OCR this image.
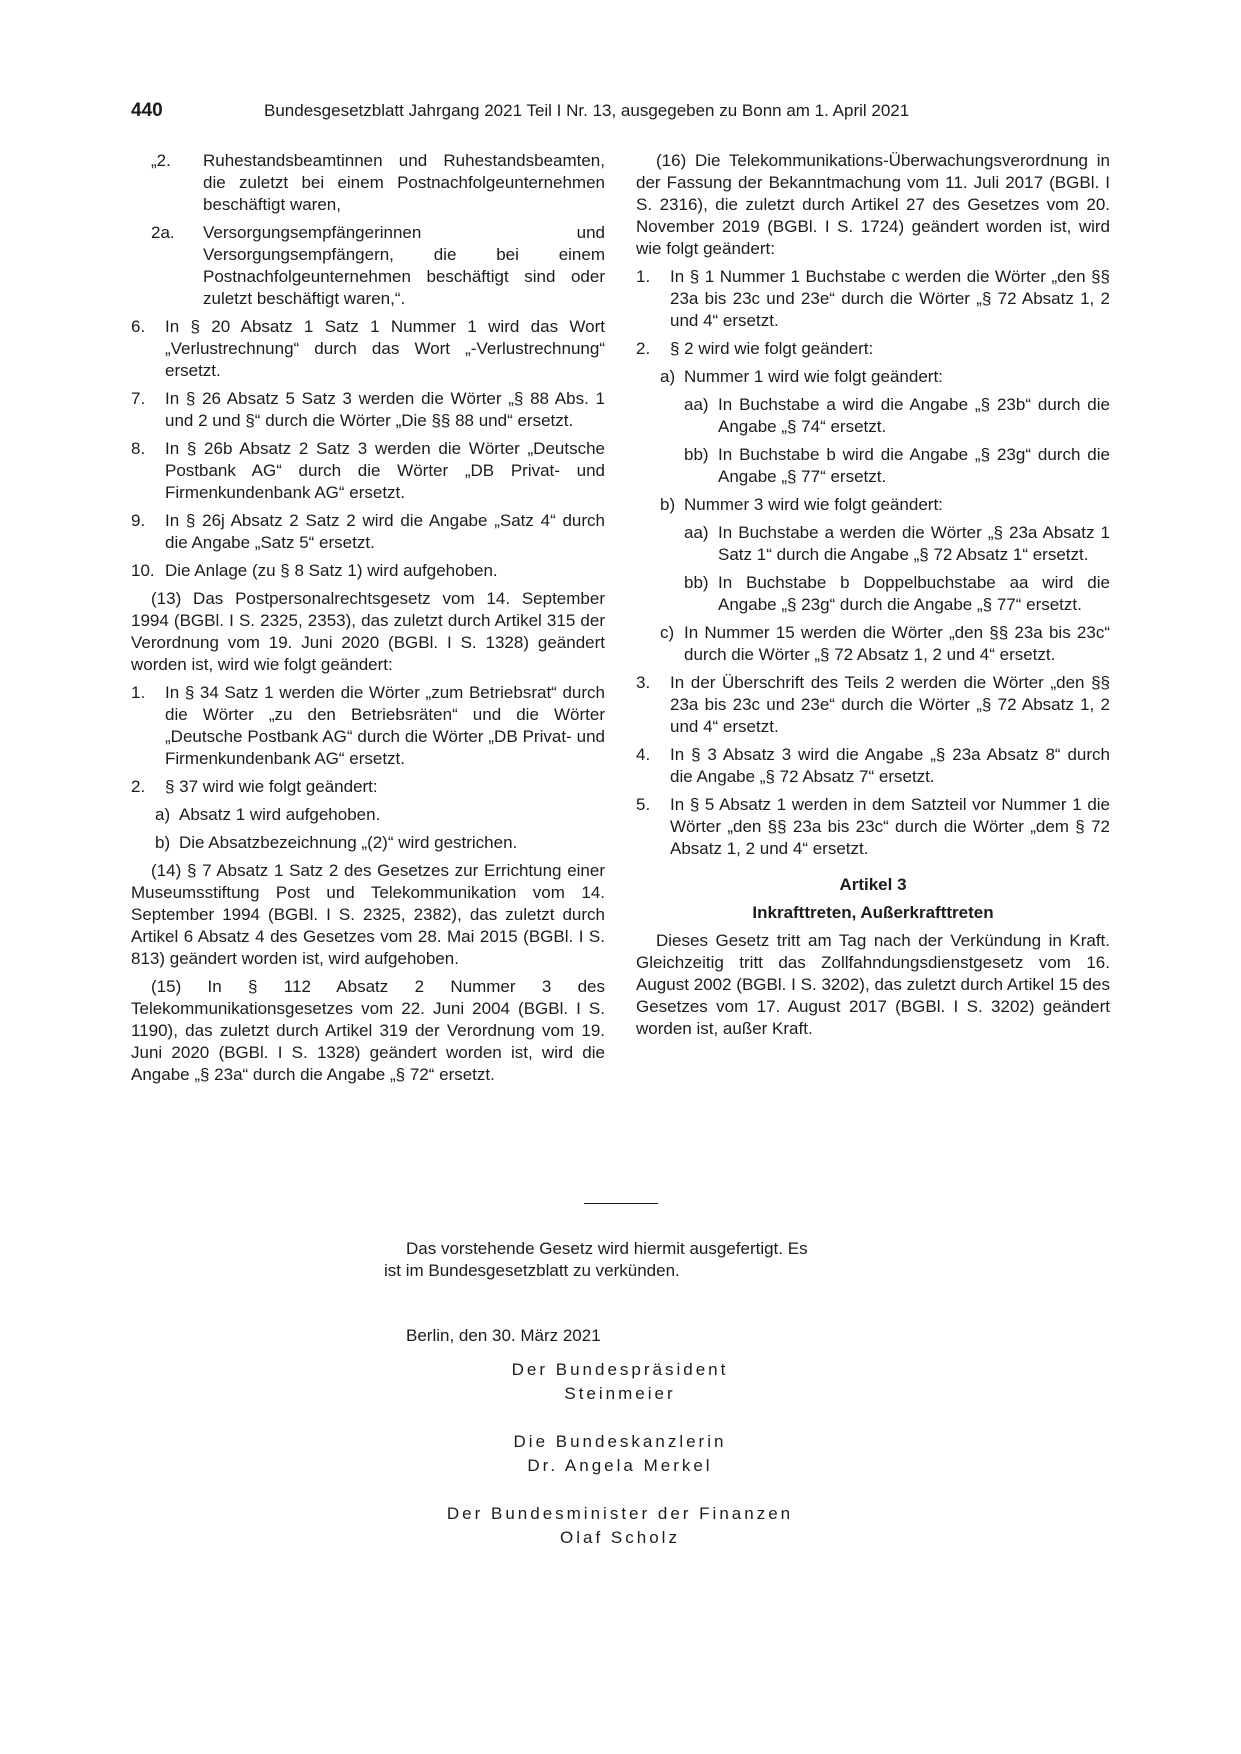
440	Bundesgesetzblatt Jahrgang 2021 Teil I Nr. 13, ausgegeben zu Bonn am 1. April 2021
„2.	Ruhestandsbeamtinnen und Ruhestandsbeamten, die zuletzt bei einem Postnachfolgeunternehmen beschäftigt waren,
2a.	Versorgungsempfängerinnen und Versorgungsempfängern, die bei einem Postnachfolgeunternehmen beschäftigt sind oder zuletzt beschäftigt waren,“.
6.	In § 20 Absatz 1 Satz 1 Nummer 1 wird das Wort „Verlustrechnung“ durch das Wort „-Verlustrechnung“ ersetzt.
7.	In § 26 Absatz 5 Satz 3 werden die Wörter „§ 88 Abs. 1 und 2 und §“ durch die Wörter „Die §§ 88 und“ ersetzt.
8.	In § 26b Absatz 2 Satz 3 werden die Wörter „Deutsche Postbank AG“ durch die Wörter „DB Privat- und Firmenkundenbank AG“ ersetzt.
9.	In § 26j Absatz 2 Satz 2 wird die Angabe „Satz 4“ durch die Angabe „Satz 5“ ersetzt.
10. Die Anlage (zu § 8 Satz 1) wird aufgehoben.

(13) Das Postpersonalrechtsgesetz vom 14. September 1994 (BGBl. I S. 2325, 2353), das zuletzt durch Artikel 315 der Verordnung vom 19. Juni 2020 (BGBl. I S. 1328) geändert worden ist, wird wie folgt geändert:

1.	In § 34 Satz 1 werden die Wörter „zum Betriebsrat“ durch die Wörter „zu den Betriebsräten“ und die Wörter „Deutsche Postbank AG“ durch die Wörter „DB Privat- und Firmenkundenbank AG“ ersetzt.
2.	§ 37 wird wie folgt geändert:
a) Absatz 1 wird aufgehoben.
b) Die Absatzbezeichnung „(2)“ wird gestrichen.

(14) § 7 Absatz 1 Satz 2 des Gesetzes zur Errichtung einer Museumsstiftung Post und Telekommunikation vom 14. September 1994 (BGBl. I S. 2325, 2382), das zuletzt durch Artikel 6 Absatz 4 des Gesetzes vom 28. Mai 2015 (BGBl. I S. 813) geändert worden ist, wird aufgehoben.

(15) In § 112 Absatz 2 Nummer 3 des Telekommunikationsgesetzes vom 22. Juni 2004 (BGBl. I S. 1190), das zuletzt durch Artikel 319 der Verordnung vom 19. Juni 2020 (BGBl. I S. 1328) geändert worden ist, wird die Angabe „§ 23a“ durch die Angabe „§ 72“ ersetzt.

(16) Die Telekommunikations-Überwachungsverordnung in der Fassung der Bekanntmachung vom 11. Juli 2017 (BGBl. I S. 2316), die zuletzt durch Artikel 27 des Gesetzes vom 20. November 2019 (BGBl. I S. 1724) geändert worden ist, wird wie folgt geändert:

1.	In § 1 Nummer 1 Buchstabe c werden die Wörter „den §§ 23a bis 23c und 23e“ durch die Wörter „§ 72 Absatz 1, 2 und 4“ ersetzt.
2.	§ 2 wird wie folgt geändert:
a) Nummer 1 wird wie folgt geändert:
aa) In Buchstabe a wird die Angabe „§ 23b“ durch die Angabe „§ 74“ ersetzt.
bb) In Buchstabe b wird die Angabe „§ 23g“ durch die Angabe „§ 77“ ersetzt.
b) Nummer 3 wird wie folgt geändert:
aa) In Buchstabe a werden die Wörter „§ 23a Absatz 1 Satz 1“ durch die Angabe „§ 72 Absatz 1“ ersetzt.
bb) In Buchstabe b Doppelbuchstabe aa wird die Angabe „§ 23g“ durch die Angabe „§ 77“ ersetzt.
c) In Nummer 15 werden die Wörter „den §§ 23a bis 23c“ durch die Wörter „§ 72 Absatz 1, 2 und 4“ ersetzt.
3.	In der Überschrift des Teils 2 werden die Wörter „den §§ 23a bis 23c und 23e“ durch die Wörter „§ 72 Absatz 1, 2 und 4“ ersetzt.
4.	In § 3 Absatz 3 wird die Angabe „§ 23a Absatz 8“ durch die Angabe „§ 72 Absatz 7“ ersetzt.
5.	In § 5 Absatz 1 werden in dem Satzteil vor Nummer 1 die Wörter „den §§ 23a bis 23c“ durch die Wörter „dem § 72 Absatz 1, 2 und 4“ ersetzt.

Artikel 3

Inkrafttreten, Außerkrafttreten

Dieses Gesetz tritt am Tag nach der Verkündung in Kraft. Gleichzeitig tritt das Zollfahndungsdienstgesetz vom 16. August 2002 (BGBl. I S. 3202), das zuletzt durch Artikel 15 des Gesetzes vom 17. August 2017 (BGBl. I S. 3202) geändert worden ist, außer Kraft.

Das vorstehende Gesetz wird hiermit ausgefertigt. Es
ist im Bundesgesetzblatt zu verkünden.
Berlin, den 30. März 2021
Der Bundespräsident
Steinmeier
Die Bundeskanzlerin
Dr. Angela Merkel
Der Bundesminister der Finanzen
Olaf Scholz
